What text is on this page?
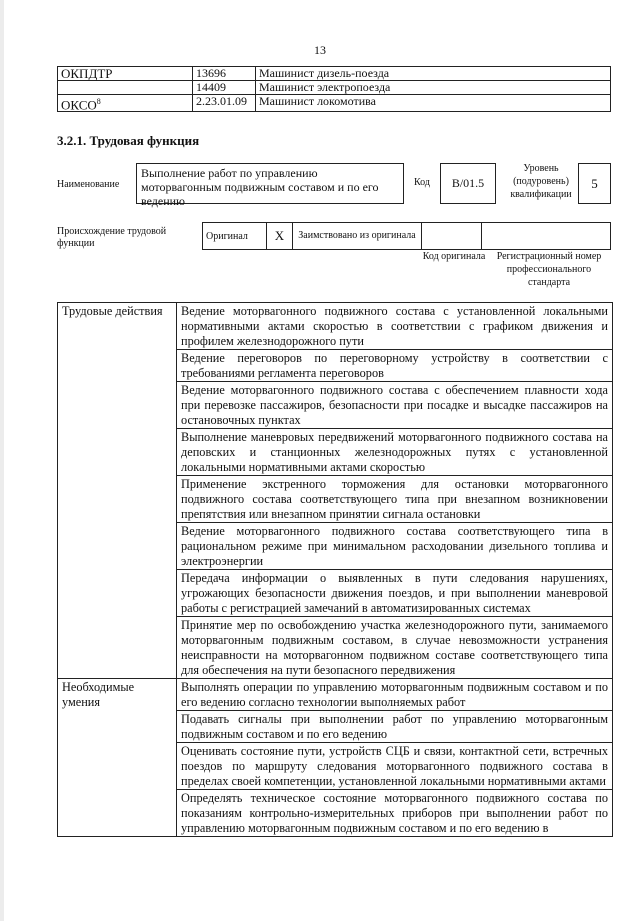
13
ОКПДТР	13696	Машинист дизель-поезда
	14409	Машинист электропоезда
ОКСО$^8$	2.23.01.09	Машинист локомотива
3.2.1. Трудовая функция
Наименование
Выполнение работ по управлению моторвагонным подвижным составом и по его ведению
Код	B/01.5
Уровень (подуровень) квалификации
5
Происхождение трудовой функции
Оригинал	X	Заимствовано из оригинала		
Код оригинала	Регистрационный номер профессионального стандарта
Трудовые действия	Ведение моторвагонного подвижного состава с установленной локальными нормативными актами скоростью в соответствии с графиком движения и профилем железнодорожного пути
	Ведение переговоров по переговорному устройству в соответствии с требованиями регламента переговоров
	Ведение моторвагонного подвижного состава с обеспечением плавности хода при перевозке пассажиров, безопасности при посадке и высадке пассажиров на остановочных пунктах
	Выполнение маневровых передвижений моторвагонного подвижного состава на деповских и станционных железнодорожных путях с установленной локальными нормативными актами скоростью
	Применение экстренного торможения для остановки моторвагонного подвижного состава соответствующего типа при внезапном возникновении препятствия или внезапном принятии сигнала остановки
	Ведение моторвагонного подвижного состава соответствующего типа в рациональном режиме при минимальном расходовании дизельного топлива и электроэнергии
	Передача информации о выявленных в пути следования нарушениях, угрожающих безопасности движения поездов, и при выполнении маневровой работы с регистрацией замечаний в автоматизированных системах
	Принятие мер по освобождению участка железнодорожного пути, занимаемого моторвагонным подвижным составом, в случае невозможности устранения неисправности на моторвагонном подвижном составе соответствующего типа для обеспечения на пути безопасного передвижения
Необходимые умения	Выполнять операции по управлению моторвагонным подвижным составом и по его ведению согласно технологии выполняемых работ
	Подавать сигналы при выполнении работ по управлению моторвагонным подвижным составом и по его ведению
	Оценивать состояние пути, устройств СЦБ и связи, контактной сети, встречных поездов по маршруту следования моторвагонного подвижного состава в пределах своей компетенции, установленной локальными нормативными актами
	Определять техническое состояние моторвагонного подвижного состава по показаниям контрольно-измерительных приборов при выполнении работ по управлению моторвагонным подвижным составом и по его ведению в
